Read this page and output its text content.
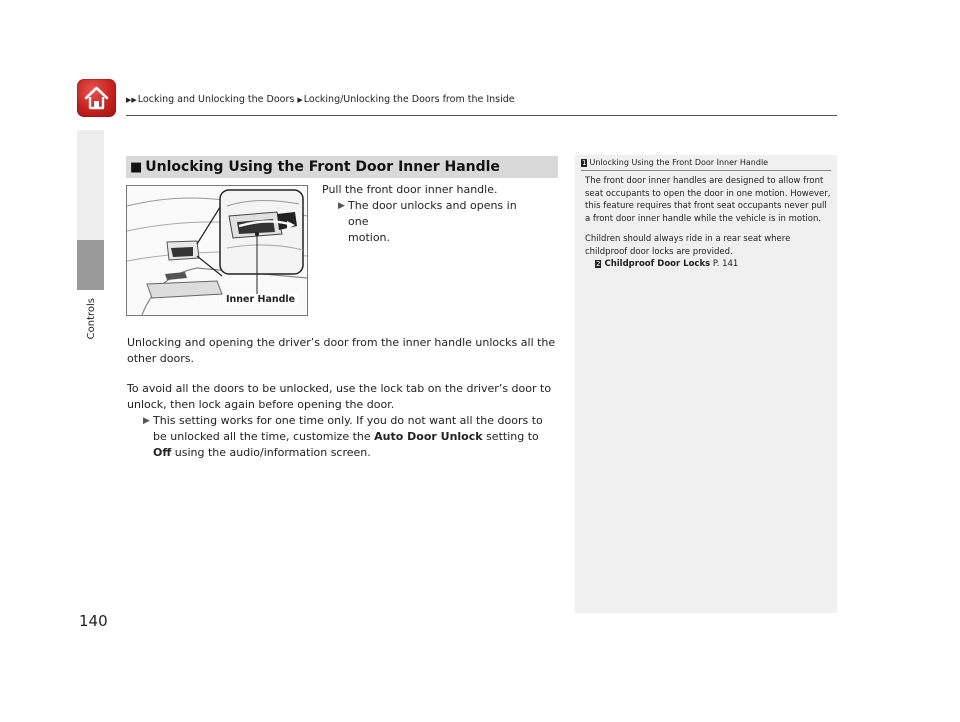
▶▶Locking and Unlocking the Doors ▶Locking/Unlocking the Doors from the Inside
Controls
■ Unlocking Using the Front Door Inner Handle
Inner Handle
Pull the front door inner handle.
▶ The door unlocks and opens in one
motion.
Unlocking and opening the driver’s door from the inner handle unlocks all the other doors.
To avoid all the doors to be unlocked, use the lock tab on the driver’s door to unlock, then lock again before opening the door.
▶ This setting works for one time only. If you do not want all the doors to be unlocked all the time, customize the Auto Door Unlock setting to Off using the audio/information screen.
1 Unlocking Using the Front Door Inner Handle
The front door inner handles are designed to allow front seat occupants to open the door in one motion. However, this feature requires that front seat occupants never pull a front door inner handle while the vehicle is in motion.
Children should always ride in a rear seat where childproof door locks are provided.
2 Childproof Door Locks P. 141
140
